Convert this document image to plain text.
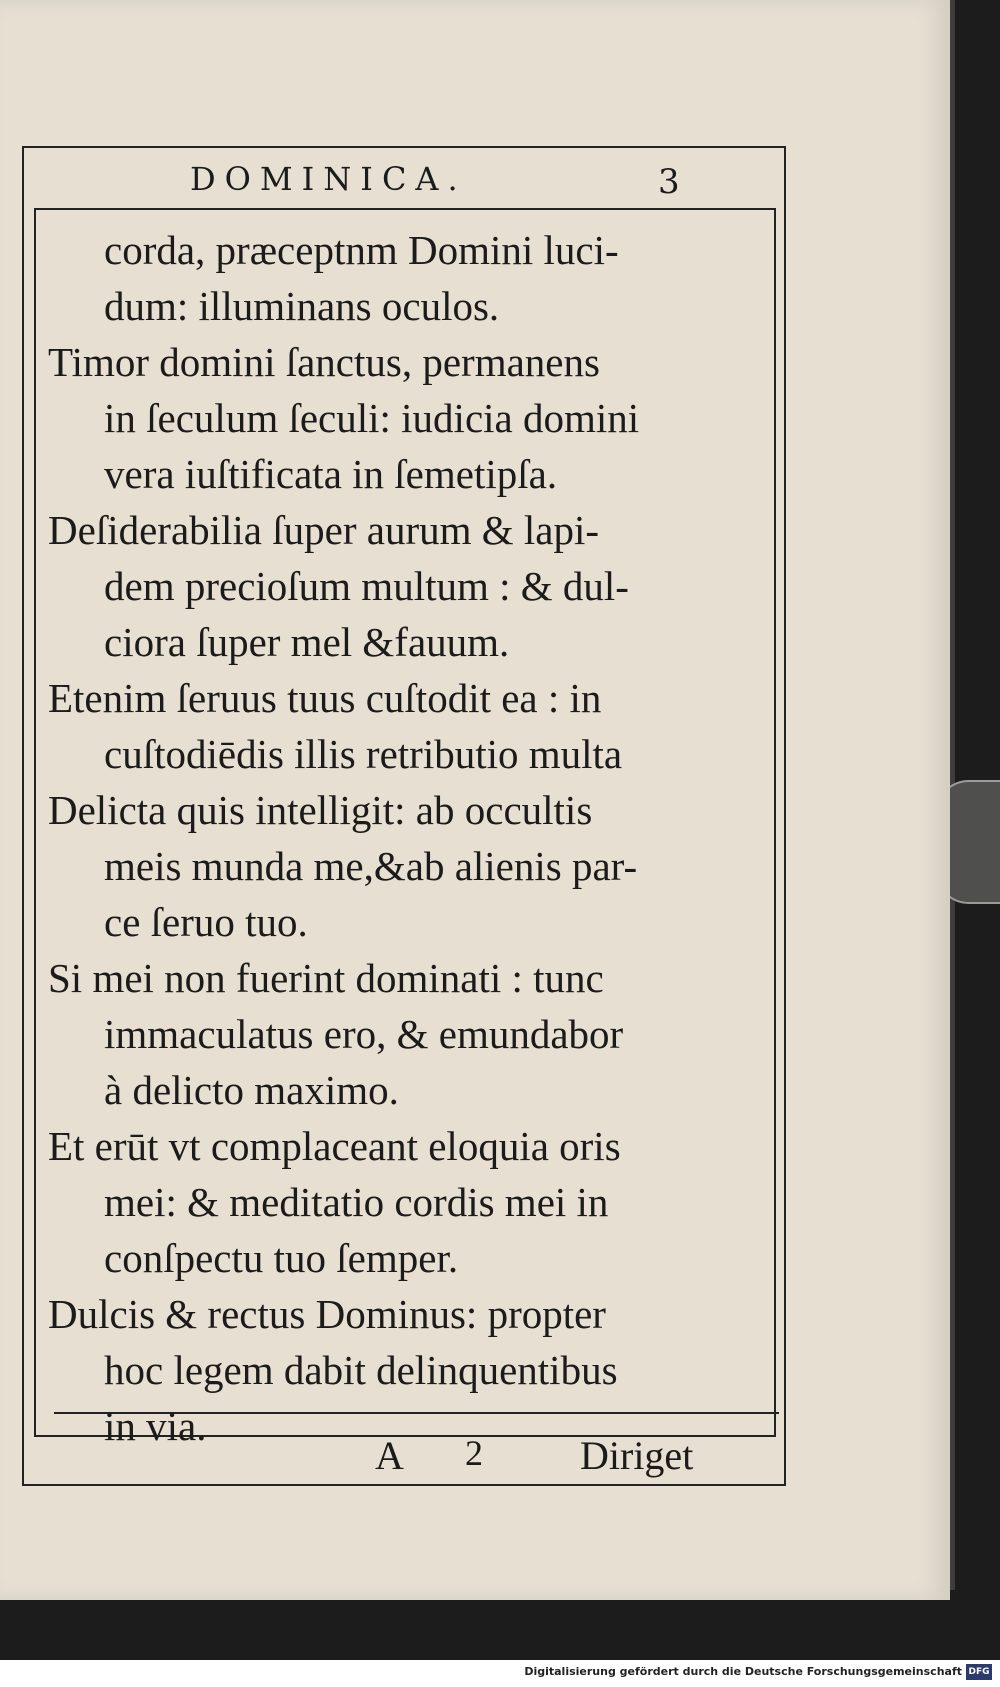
DOMINICA.	3
corda, præceptnm Domini luci-
dum: illuminans oculos.
Timor domini ſanctus, permanens
in ſeculum ſeculi: iudicia domini
vera iuſtificata in ſemetipſa.
Deſiderabilia ſuper aurum & lapi-
dem precioſum multum : & dul-
ciora ſuper mel &fauum.
Etenim ſeruus tuus cuſtodit ea : in
cuſtodiēdis illis retributio multa
Delicta quis intelligit: ab occultis
meis munda me,&ab alienis par-
ce ſeruo tuo.
Si mei non fuerint dominati : tunc
immaculatus ero, & emundabor
à delicto maximo.
Et erūt vt complaceant eloquia oris
mei: & meditatio cordis mei in
conſpectu tuo ſemper.
Dulcis & rectus Dominus: propter
hoc legem dabit delinquentibus
in via.
A 2 Diriget
Digitalisierung gefördert durch die Deutsche Forschungsgemeinschaft DFG
